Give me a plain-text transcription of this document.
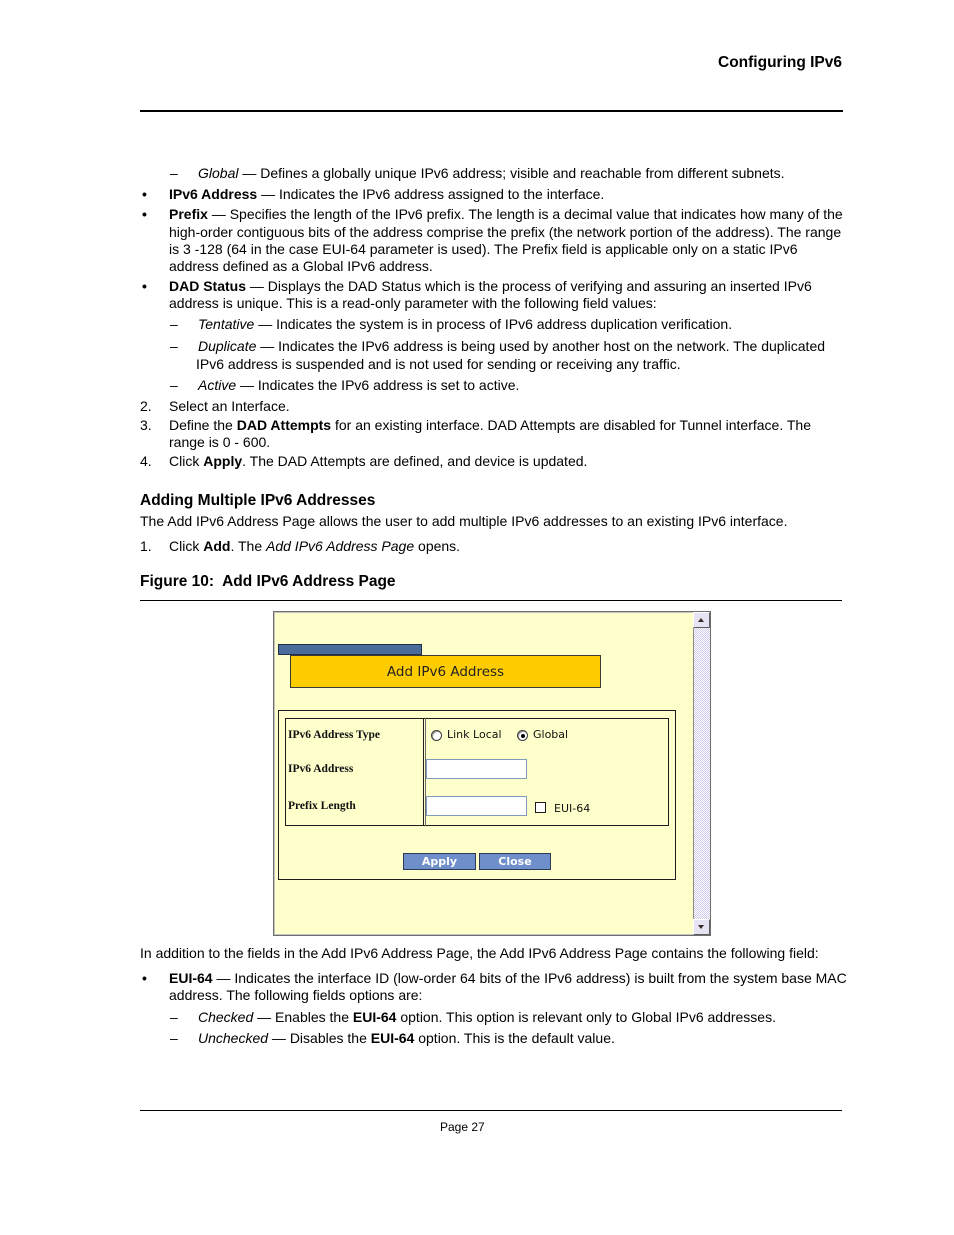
Configuring IPv6
– Global — Defines a globally unique IPv6 address; visible and reachable from different subnets.
• IPv6 Address — Indicates the IPv6 address assigned to the interface.
• Prefix — Specifies the length of the IPv6 prefix. The length is a decimal value that indicates how many of the
high-order contiguous bits of the address comprise the prefix (the network portion of the address). The range
is 3 -128 (64 in the case EUI-64 parameter is used). The Prefix field is applicable only on a static IPv6
address defined as a Global IPv6 address.
• DAD Status — Displays the DAD Status which is the process of verifying and assuring an inserted IPv6
address is unique. This is a read-only parameter with the following field values:
– Tentative — Indicates the system is in process of IPv6 address duplication verification.
– Duplicate — Indicates the IPv6 address is being used by another host on the network. The duplicated
IPv6 address is suspended and is not used for sending or receiving any traffic.
– Active — Indicates the IPv6 address is set to active.
2. Select an Interface.
3. Define the DAD Attempts for an existing interface. DAD Attempts are disabled for Tunnel interface. The
range is 0 - 600.
4. Click Apply. The DAD Attempts are defined, and device is updated.
Adding Multiple IPv6 Addresses
The Add IPv6 Address Page allows the user to add multiple IPv6 addresses to an existing IPv6 interface.
1. Click Add. The Add IPv6 Address Page opens.
Figure 10:  Add IPv6 Address Page
Add IPv6 Address
IPv6 Address Type
IPv6 Address
Prefix Length
Link Local	Global
EUI-64
Apply	Close
In addition to the fields in the Add IPv6 Address Page, the Add IPv6 Address Page contains the following field:
• EUI-64 — Indicates the interface ID (low-order 64 bits of the IPv6 address) is built from the system base MAC
address. The following fields options are:
– Checked — Enables the EUI-64 option. This option is relevant only to Global IPv6 addresses.
– Unchecked — Disables the EUI-64 option. This is the default value.
Page 27
